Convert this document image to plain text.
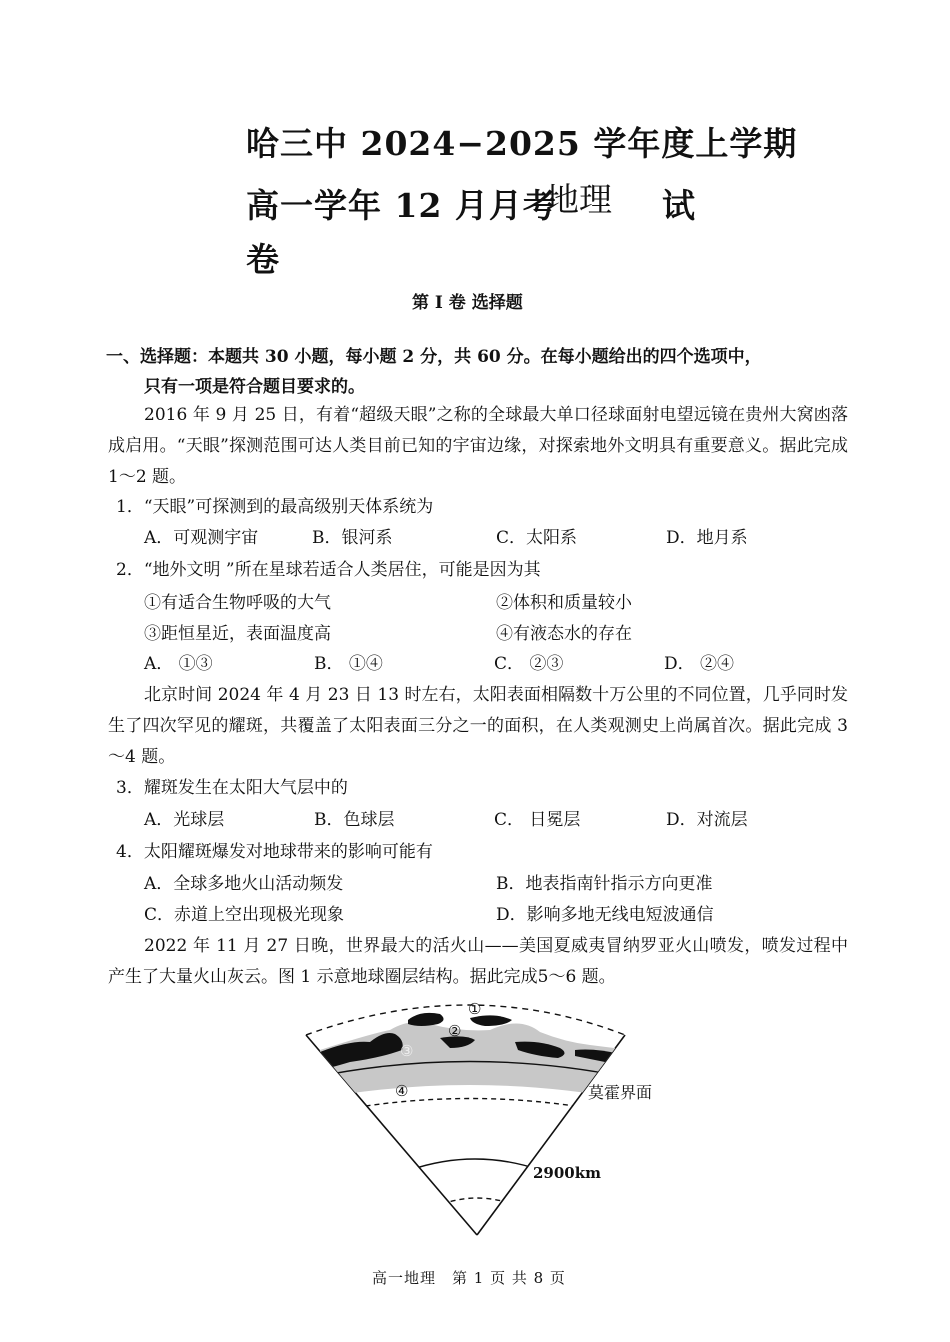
哈三中 2024−2025 学年度上学期
高一学年 12 月月考
地理 试
卷
第 I 卷 选择题
一、选择题：本题共 30 小题，每小题 2 分，共 60 分。在每小题给出的四个选项中，
只有一项是符合题目要求的。
2016 年 9 月 25 日，有着“超级天眼”之称的全球最大单口径球面射电望远镜在贵州大窝凼落成启用。“天眼”探测范围可达人类目前已知的宇宙边缘，对探索地外文明具有重要意义。据此完成 1～2 题。
1．“天眼”可探测到的最高级别天体系统为
A．可观测宇宙	B．银河系	C．太阳系	D．地月系
2．“地外文明 ”所在星球若适合人类居住，可能是因为其
①有适合生物呼吸的大气	②体积和质量较小
③距恒星近，表面温度高	④有液态水的存在
A． ①③	B． ①④	C． ②③	D． ②④
北京时间 2024 年 4 月 23 日 13 时左右，太阳表面相隔数十万公里的不同位置，几乎同时发生了四次罕见的耀斑，共覆盖了太阳表面三分之一的面积，在人类观测史上尚属首次。据此完成 3～4 题。
3．耀斑发生在太阳大气层中的
A．光球层	B．色球层	C． 日冕层	D．对流层
4．太阳耀斑爆发对地球带来的影响可能有
A．全球多地火山活动频发	B．地表指南针指示方向更准
C．赤道上空出现极光现象	D．影响多地无线电短波通信
2022 年 11 月 27 日晚，世界最大的活火山——美国夏威夷冒纳罗亚火山喷发，喷发过程中产生了大量火山灰云。图 1 示意地球圈层结构。据此完成5～6 题。
①
②
③
④	莫霍界面
2900km
高一地理　第 1 页 共 8 页
